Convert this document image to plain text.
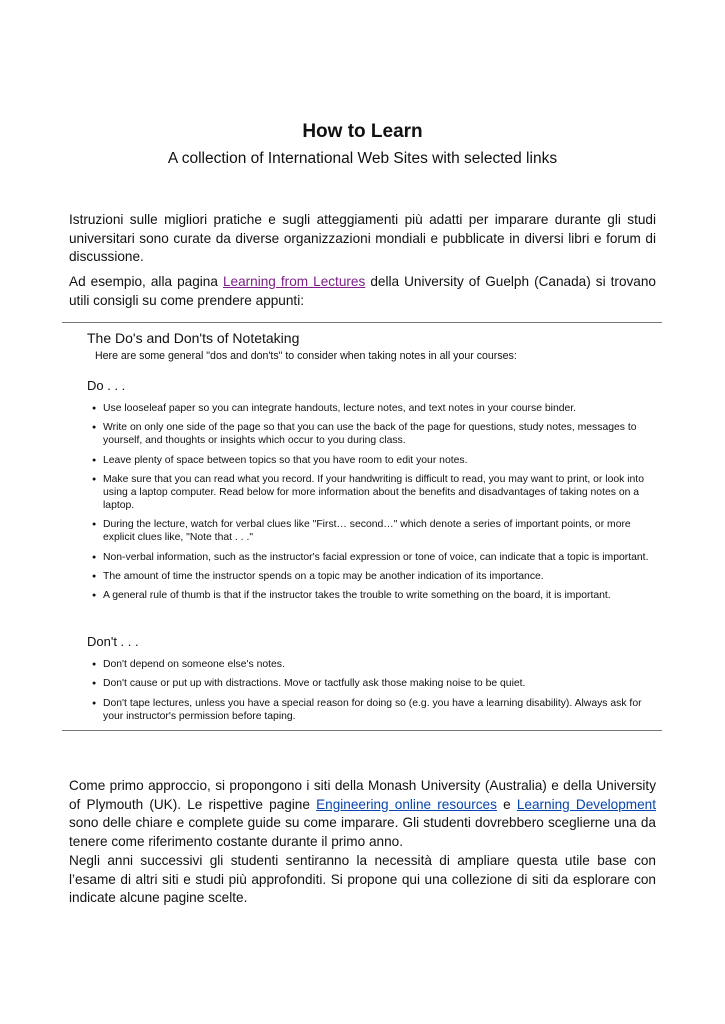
How to Learn
A collection of International Web Sites with selected links

Istruzioni sulle migliori pratiche e sugli atteggiamenti più adatti per imparare durante gli studi universitari sono curate da diverse organizzazioni mondiali e pubblicate in diversi libri e forum di discussione.

Ad esempio, alla pagina Learning from Lectures della University of Guelph (Canada) si trovano utili consigli su come prendere appunti:

The Do's and Don'ts of Notetaking
Here are some general "dos and don'ts" to consider when taking notes in all your courses:
Do . . .
● Use looseleaf paper so you can integrate handouts, lecture notes, and text notes in your course binder.
● Write on only one side of the page so that you can use the back of the page for questions, study notes, messages to yourself, and thoughts or insights which occur to you during class.
● Leave plenty of space between topics so that you have room to edit your notes.
● Make sure that you can read what you record. If your handwriting is difficult to read, you may want to print, or look into using a laptop computer. Read below for more information about the benefits and disadvantages of taking notes on a laptop.
● During the lecture, watch for verbal clues like "First… second…" which denote a series of important points, or more explicit clues like, "Note that . . ."
● Non-verbal information, such as the instructor's facial expression or tone of voice, can indicate that a topic is important.
● The amount of time the instructor spends on a topic may be another indication of its importance.
● A general rule of thumb is that if the instructor takes the trouble to write something on the board, it is important.
Don't . . .
● Don't depend on someone else's notes.
● Don't cause or put up with distractions. Move or tactfully ask those making noise to be quiet.
● Don't tape lectures, unless you have a special reason for doing so (e.g. you have a learning disability). Always ask for your instructor's permission before taping.

Come primo approccio, si propongono i siti della Monash University (Australia) e della University of Plymouth (UK). Le rispettive pagine Engineering online resources e Learning Development sono delle chiare e complete guide su come imparare. Gli studenti dovrebbero sceglierne una da tenere come riferimento costante durante il primo anno.

Negli anni successivi gli studenti sentiranno la necessità di ampliare questa utile base con l’esame di altri siti e studi più approfonditi. Si propone qui una collezione di siti da esplorare con indicate alcune pagine scelte.
